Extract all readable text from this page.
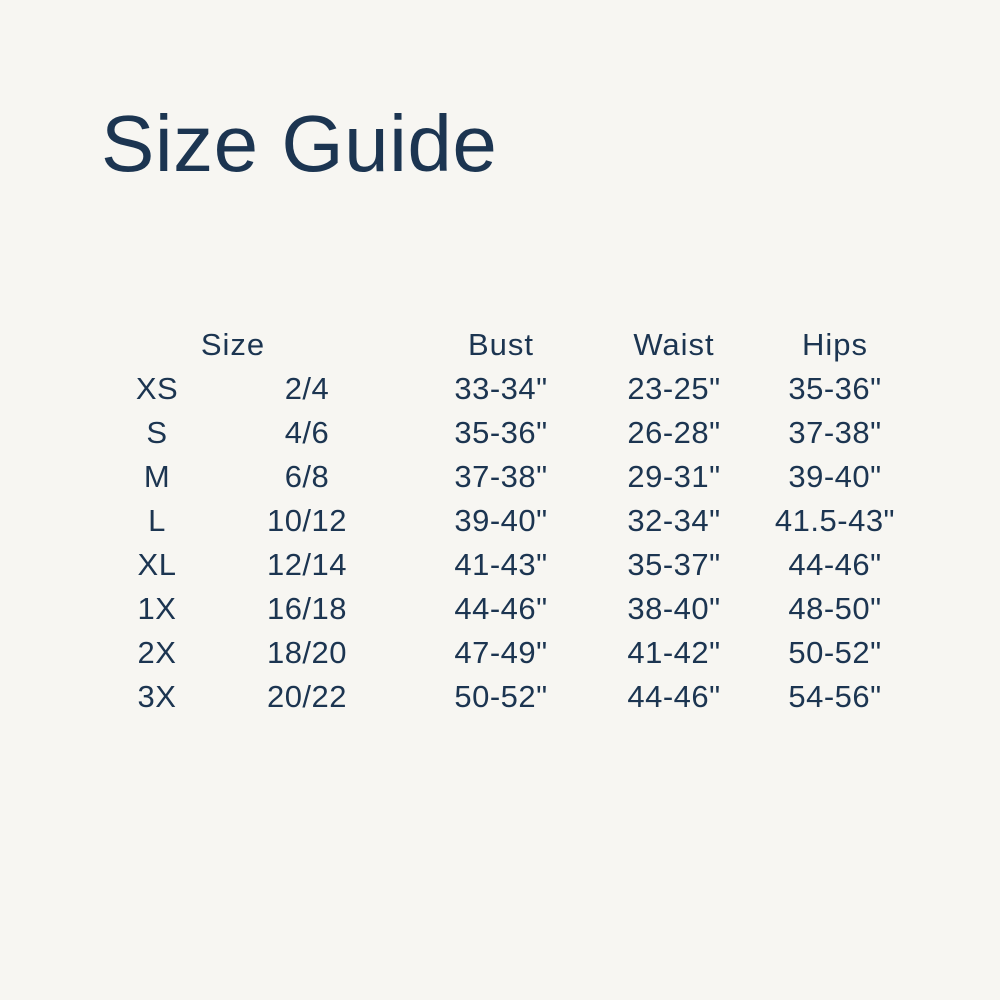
Size Guide
Size		Bust	Waist	Hips
XS	2/4	33-34"	23-25"	35-36"
S	4/6	35-36"	26-28"	37-38"
M	6/8	37-38"	29-31"	39-40"
L	10/12	39-40"	32-34"	41.5-43"
XL	12/14	41-43"	35-37"	44-46"
1X	16/18	44-46"	38-40"	48-50"
2X	18/20	47-49"	41-42"	50-52"
3X	20/22	50-52"	44-46"	54-56"
